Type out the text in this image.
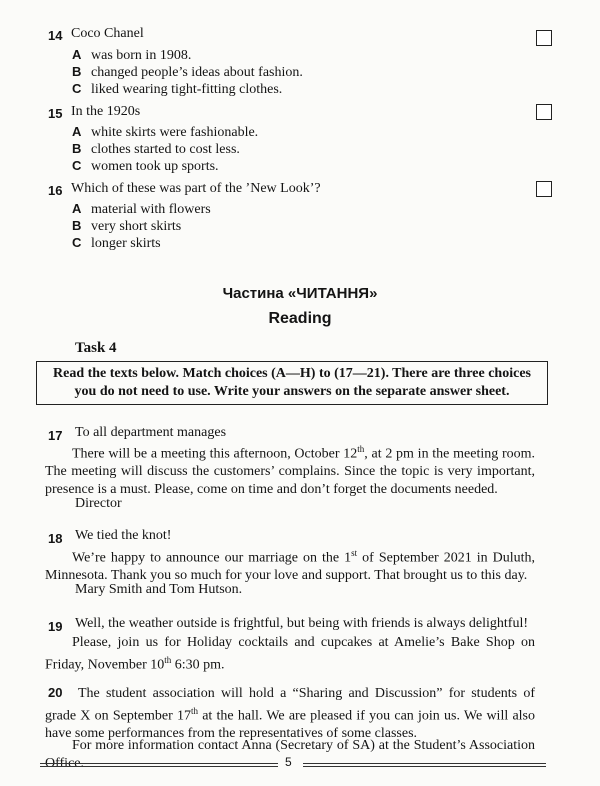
14 Coco Chanel
A was born in 1908.
B changed people’s ideas about fashion.
C liked wearing tight-fitting clothes.
15 In the 1920s
A white skirts were fashionable.
B clothes started to cost less.
C women took up sports.
16 Which of these was part of the ’New Look’?
A material with flowers
B very short skirts
C longer skirts
Частина «ЧИТАННЯ»
Reading
Task 4
Read the texts below. Match choices (A—H) to (17—21). There are three choices
you do not need to use. Write your answers on the separate answer sheet.
17 To all department manages
There will be a meeting this afternoon, October 12th, at 2 pm in the meeting room. The meeting will discuss the customers’ complains. Since the topic is very important, presence is a must. Please, come on time and don’t forget the documents needed.
Director
18 We tied the knot!
We’re happy to announce our marriage on the 1st of September 2021 in Duluth, Minnesota. Thank you so much for your love and support. That brought us to this day.
Mary Smith and Tom Hutson.
19 Well, the weather outside is frightful, but being with friends is always delightful!
Please, join us for Holiday cocktails and cupcakes at Amelie’s Bake Shop on Friday, November 10th 6:30 pm.
20 The student association will hold a “Sharing and Discussion” for students of grade X on September 17th at the hall. We are pleased if you can join us. We will also have some performances from the representatives of some classes.
For more information contact Anna (Secretary of SA) at the Student’s Association Office.	5
